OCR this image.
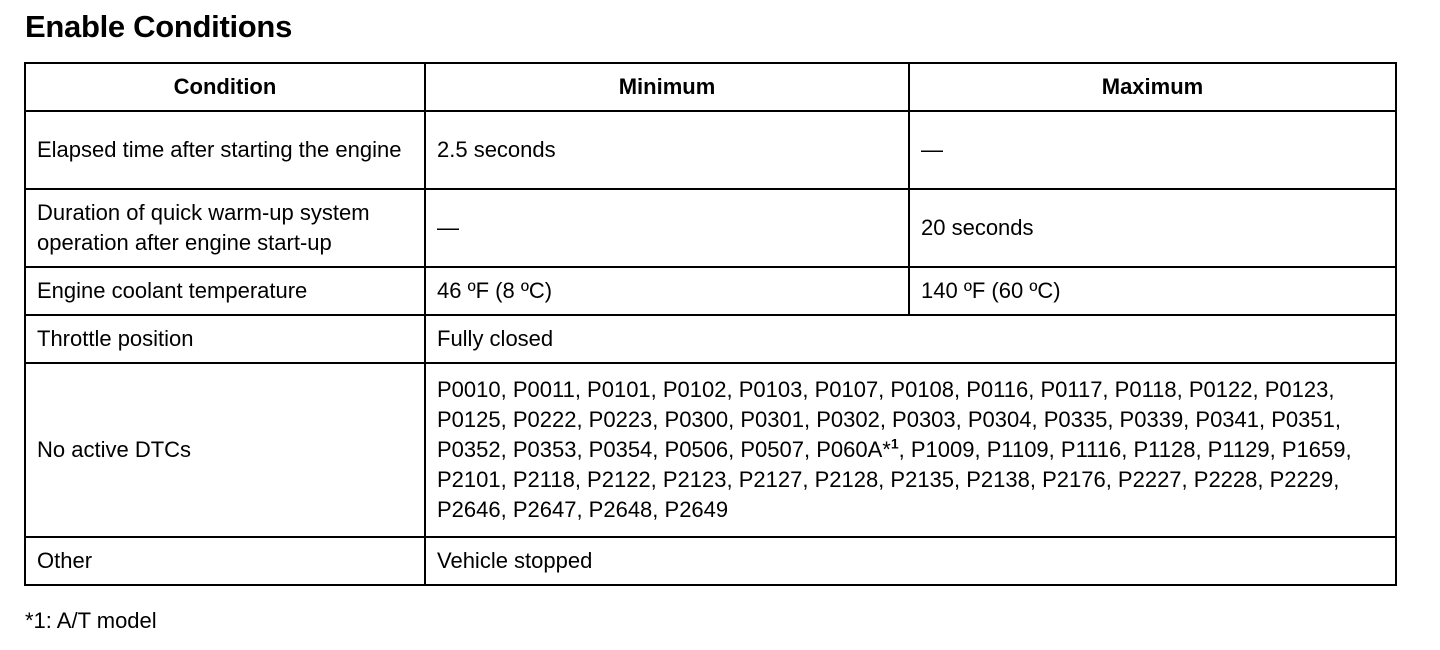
Enable Conditions
Condition	Minimum	Maximum
Elapsed time after starting the engine	2.5 seconds	—
Duration of quick warm-up system operation after engine start-up	—	20 seconds
Engine coolant temperature	46 ºF (8 ºC)	140 ºF (60 ºC)
Throttle position	Fully closed	
No active DTCs	P0010, P0011, P0101, P0102, P0103, P0107, P0108, P0116, P0117, P0118, P0122, P0123, P0125, P0222, P0223, P0300, P0301, P0302, P0303, P0304, P0335, P0339, P0341, P0351, P0352, P0353, P0354, P0506, P0507, P060A*$^1$, P1009, P1109, P1116, P1128, P1129, P1659, P2101, P2118, P2122, P2123, P2127, P2128, P2135, P2138, P2176, P2227, P2228, P2229, P2646, P2647, P2648, P2649	
Other	Vehicle stopped	

*1: A/T model
